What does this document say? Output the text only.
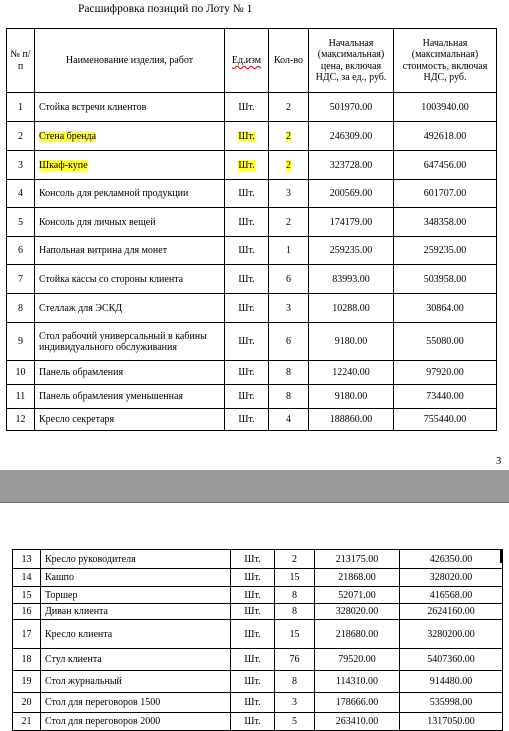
Расшифровка позиций по Лоту № 1
№ п/п	Наименование изделия, работ	Ед.изм	Кол-во	Начальная (максимальная) цена, включая НДС, за ед., руб.	Начальная (максимальная) стоимость, включая НДС, руб.
1	Стойка встречи клиентов	Шт.	2	501970.00	1003940.00
2	Стена бренда	Шт.	2	246309.00	492618.00
3	Шкаф-купе	Шт.	2	323728.00	647456.00
4	Консоль для рекламной продукции	Шт.	3	200569.00	601707.00
5	Консоль для личных вещей	Шт.	2	174179.00	348358.00
6	Напольная витрина для монет	Шт.	1	259235.00	259235.00
7	Стойка кассы со стороны клиента	Шт.	6	83993.00	503958.00
8	Стеллаж для ЭСКД	Шт.	3	10288.00	30864.00
9	Стол рабочий универсальный в кабины индивидуального обслуживания	Шт.	6	9180.00	55080.00
10	Панель обрамления	Шт.	8	12240.00	97920.00
11	Панель обрамления уменьшенная	Шт.	8	9180.00	73440.00
12	Кресло секретаря	Шт.	4	188860.00	755440.00
3
13	Кресло руководителя	Шт.	2	213175.00	426350.00
14	Кашпо	Шт.	15	21868.00	328020.00
15	Торшер	Шт.	8	52071.00	416568.00
16	Диван клиента	Шт.	8	328020.00	2624160.00
17	Кресло клиента	Шт.	15	218680.00	3280200.00
18	Стул клиента	Шт.	76	79520.00	5407360.00
19	Стол журнальный	Шт.	8	114310.00	914480.00
20	Стол для переговоров 1500	Шт.	3	178666.00	535998.00
21	Стол для переговоров 2000	Шт.	5	263410.00	1317050.00
